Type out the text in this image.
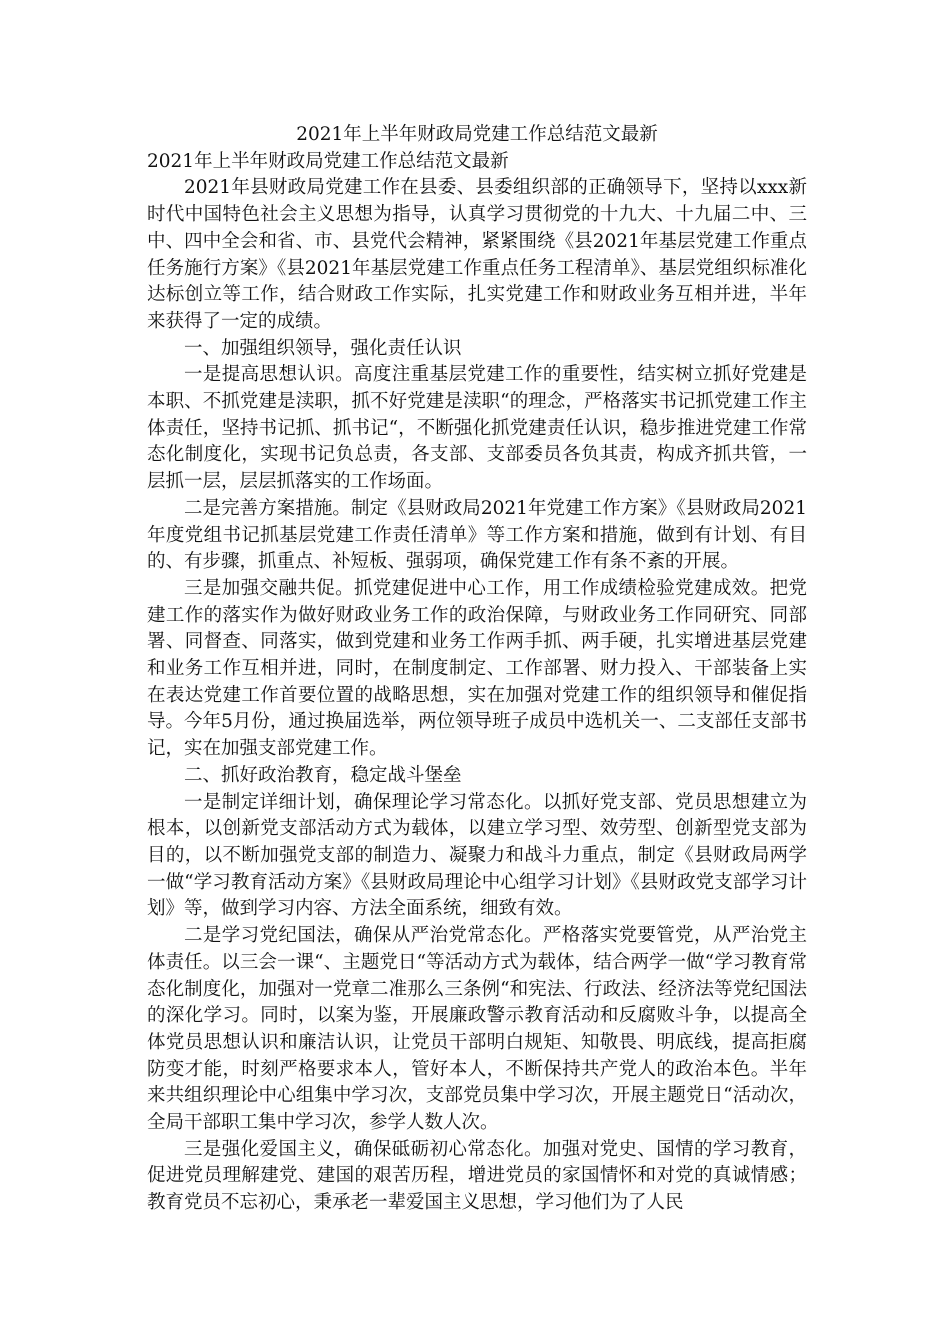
2021年上半年财政局党建工作总结范文最新

2021年上半年财政局党建工作总结范文最新

2021年县财政局党建工作在县委、县委组织部的正确领导下，坚持以xxx新时代中国特色社会主义思想为指导，认真学习贯彻党的十九大、十九届二中、三中、四中全会和省、市、县党代会精神，紧紧围绕《县2021年基层党建工作重点任务施行方案》《县2021年基层党建工作重点任务工程清单》、基层党组织标准化达标创立等工作，结合财政工作实际，扎实党建工作和财政业务互相并进，半年来获得了一定的成绩。

一、加强组织领导，强化责任认识

一是提高思想认识。高度注重基层党建工作的重要性，结实树立抓好党建是本职、不抓党建是渎职，抓不好党建是渎职“的理念，严格落实书记抓党建工作主体责任，坚持书记抓、抓书记“，不断强化抓党建责任认识，稳步推进党建工作常态化制度化，实现书记负总责，各支部、支部委员各负其责，构成齐抓共管，一层抓一层，层层抓落实的工作场面。

二是完善方案措施。制定《县财政局2021年党建工作方案》《县财政局2021年度党组书记抓基层党建工作责任清单》等工作方案和措施，做到有计划、有目的、有步骤，抓重点、补短板、强弱项，确保党建工作有条不紊的开展。

三是加强交融共促。抓党建促进中心工作，用工作成绩检验党建成效。把党建工作的落实作为做好财政业务工作的政治保障，与财政业务工作同研究、同部署、同督查、同落实，做到党建和业务工作两手抓、两手硬，扎实增进基层党建和业务工作互相并进，同时，在制度制定、工作部署、财力投入、干部装备上实在表达党建工作首要位置的战略思想，实在加强对党建工作的组织领导和催促指导。今年5月份，通过换届选举，两位领导班子成员中选机关一、二支部任支部书记，实在加强支部党建工作。

二、抓好政治教育，稳定战斗堡垒

一是制定详细计划，确保理论学习常态化。以抓好党支部、党员思想建立为根本，以创新党支部活动方式为载体，以建立学习型、效劳型、创新型党支部为目的，以不断加强党支部的制造力、凝聚力和战斗力重点，制定《县财政局两学一做“学习教育活动方案》《县财政局理论中心组学习计划》《县财政党支部学习计划》等，做到学习内容、方法全面系统，细致有效。

二是学习党纪国法，确保从严治党常态化。严格落实党要管党，从严治党主体责任。以三会一课“、主题党日“等活动方式为载体，结合两学一做“学习教育常态化制度化，加强对一党章二准那么三条例“和宪法、行政法、经济法等党纪国法的深化学习。同时，以案为鉴，开展廉政警示教育活动和反腐败斗争，以提高全体党员思想认识和廉洁认识，让党员干部明白规矩、知敬畏、明底线，提高拒腐防变才能，时刻严格要求本人，管好本人，不断保持共产党人的政治本色。半年来共组织理论中心组集中学习次，支部党员集中学习次，开展主题党日“活动次，全局干部职工集中学习次，参学人数人次。

三是强化爱国主义，确保砥砺初心常态化。加强对党史、国情的学习教育，促进党员理解建党、建国的艰苦历程，增进党员的家国情怀和对党的真诚情感；教育党员不忘初心，秉承老一辈爱国主义思想，学习他们为了人民
